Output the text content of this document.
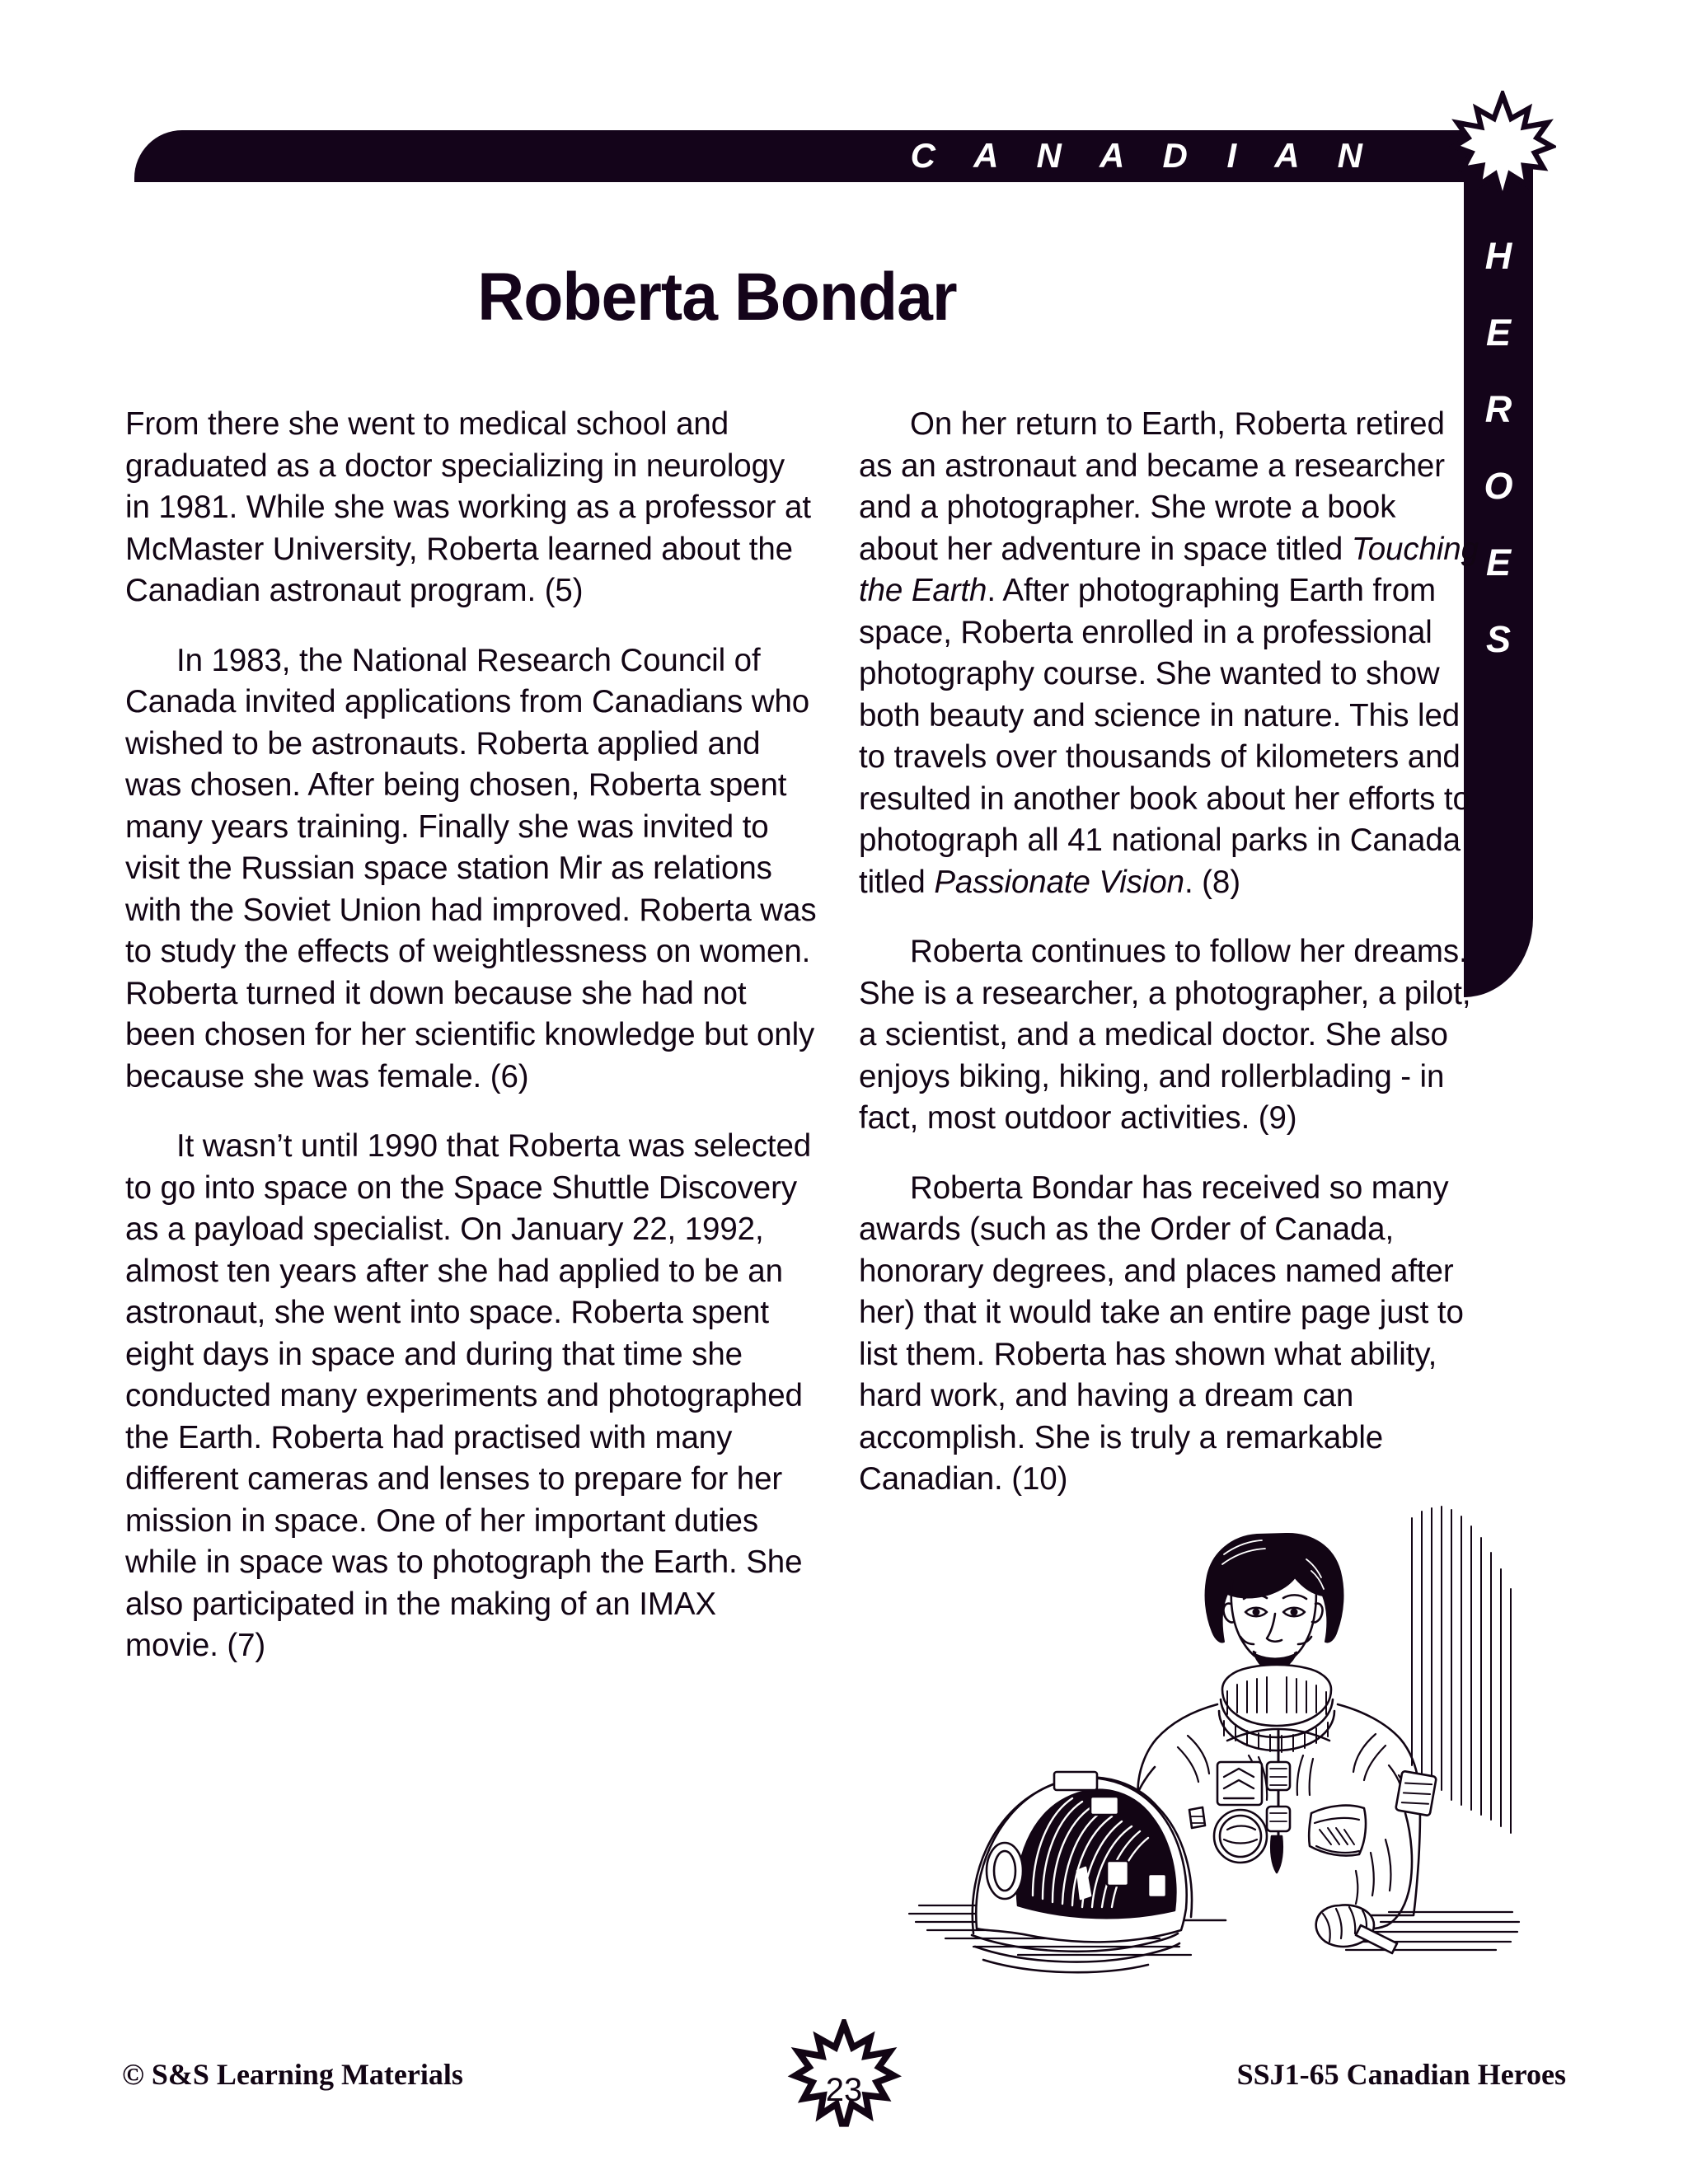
C A N A D I A N
H
E
R
O
E
S
Roberta Bondar

From there she went to medical school and graduated as a doctor specializing in neurology in 1981. While she was working as a professor at McMaster University, Roberta learned about the Canadian astronaut program. (5)

In 1983, the National Research Council of Canada invited applications from Canadians who wished to be astronauts. Roberta applied and was chosen. After being chosen, Roberta spent many years training. Finally she was invited to visit the Russian space station Mir as relations with the Soviet Union had improved. Roberta was to study the effects of weightlessness on women. Roberta turned it down because she had not been chosen for her scientific knowledge but only because she was female. (6)

It wasn’t until 1990 that Roberta was selected to go into space on the Space Shuttle Discovery as a payload specialist. On January 22, 1992, almost ten years after she had applied to be an astronaut, she went into space. Roberta spent eight days in space and during that time she conducted many experiments and photographed the Earth. Roberta had practised with many different cameras and lenses to prepare for her mission in space. One of her important duties while in space was to photograph the Earth. She also participated in the making of an IMAX movie. (7)

On her return to Earth, Roberta retired as an astronaut and became a researcher and a photographer. She wrote a book about her adventure in space titled Touching the Earth. After photographing Earth from space, Roberta enrolled in a professional photography course. She wanted to show both beauty and science in nature. This led to travels over thousands of kilometers and resulted in another book about her efforts to photograph all 41 national parks in Canada titled Passionate Vision. (8)

Roberta continues to follow her dreams. She is a researcher, a photographer, a pilot, a scientist, and a medical doctor. She also enjoys biking, hiking, and rollerblading - in fact, most outdoor activities. (9)

Roberta Bondar has received so many awards (such as the Order of Canada, honorary degrees, and places named after her) that it would take an entire page just to list them. Roberta has shown what ability, hard work, and having a dream can accomplish. She is truly a remarkable Canadian. (10)

© S&S Learning Materials	23	SSJ1-65 Canadian Heroes
